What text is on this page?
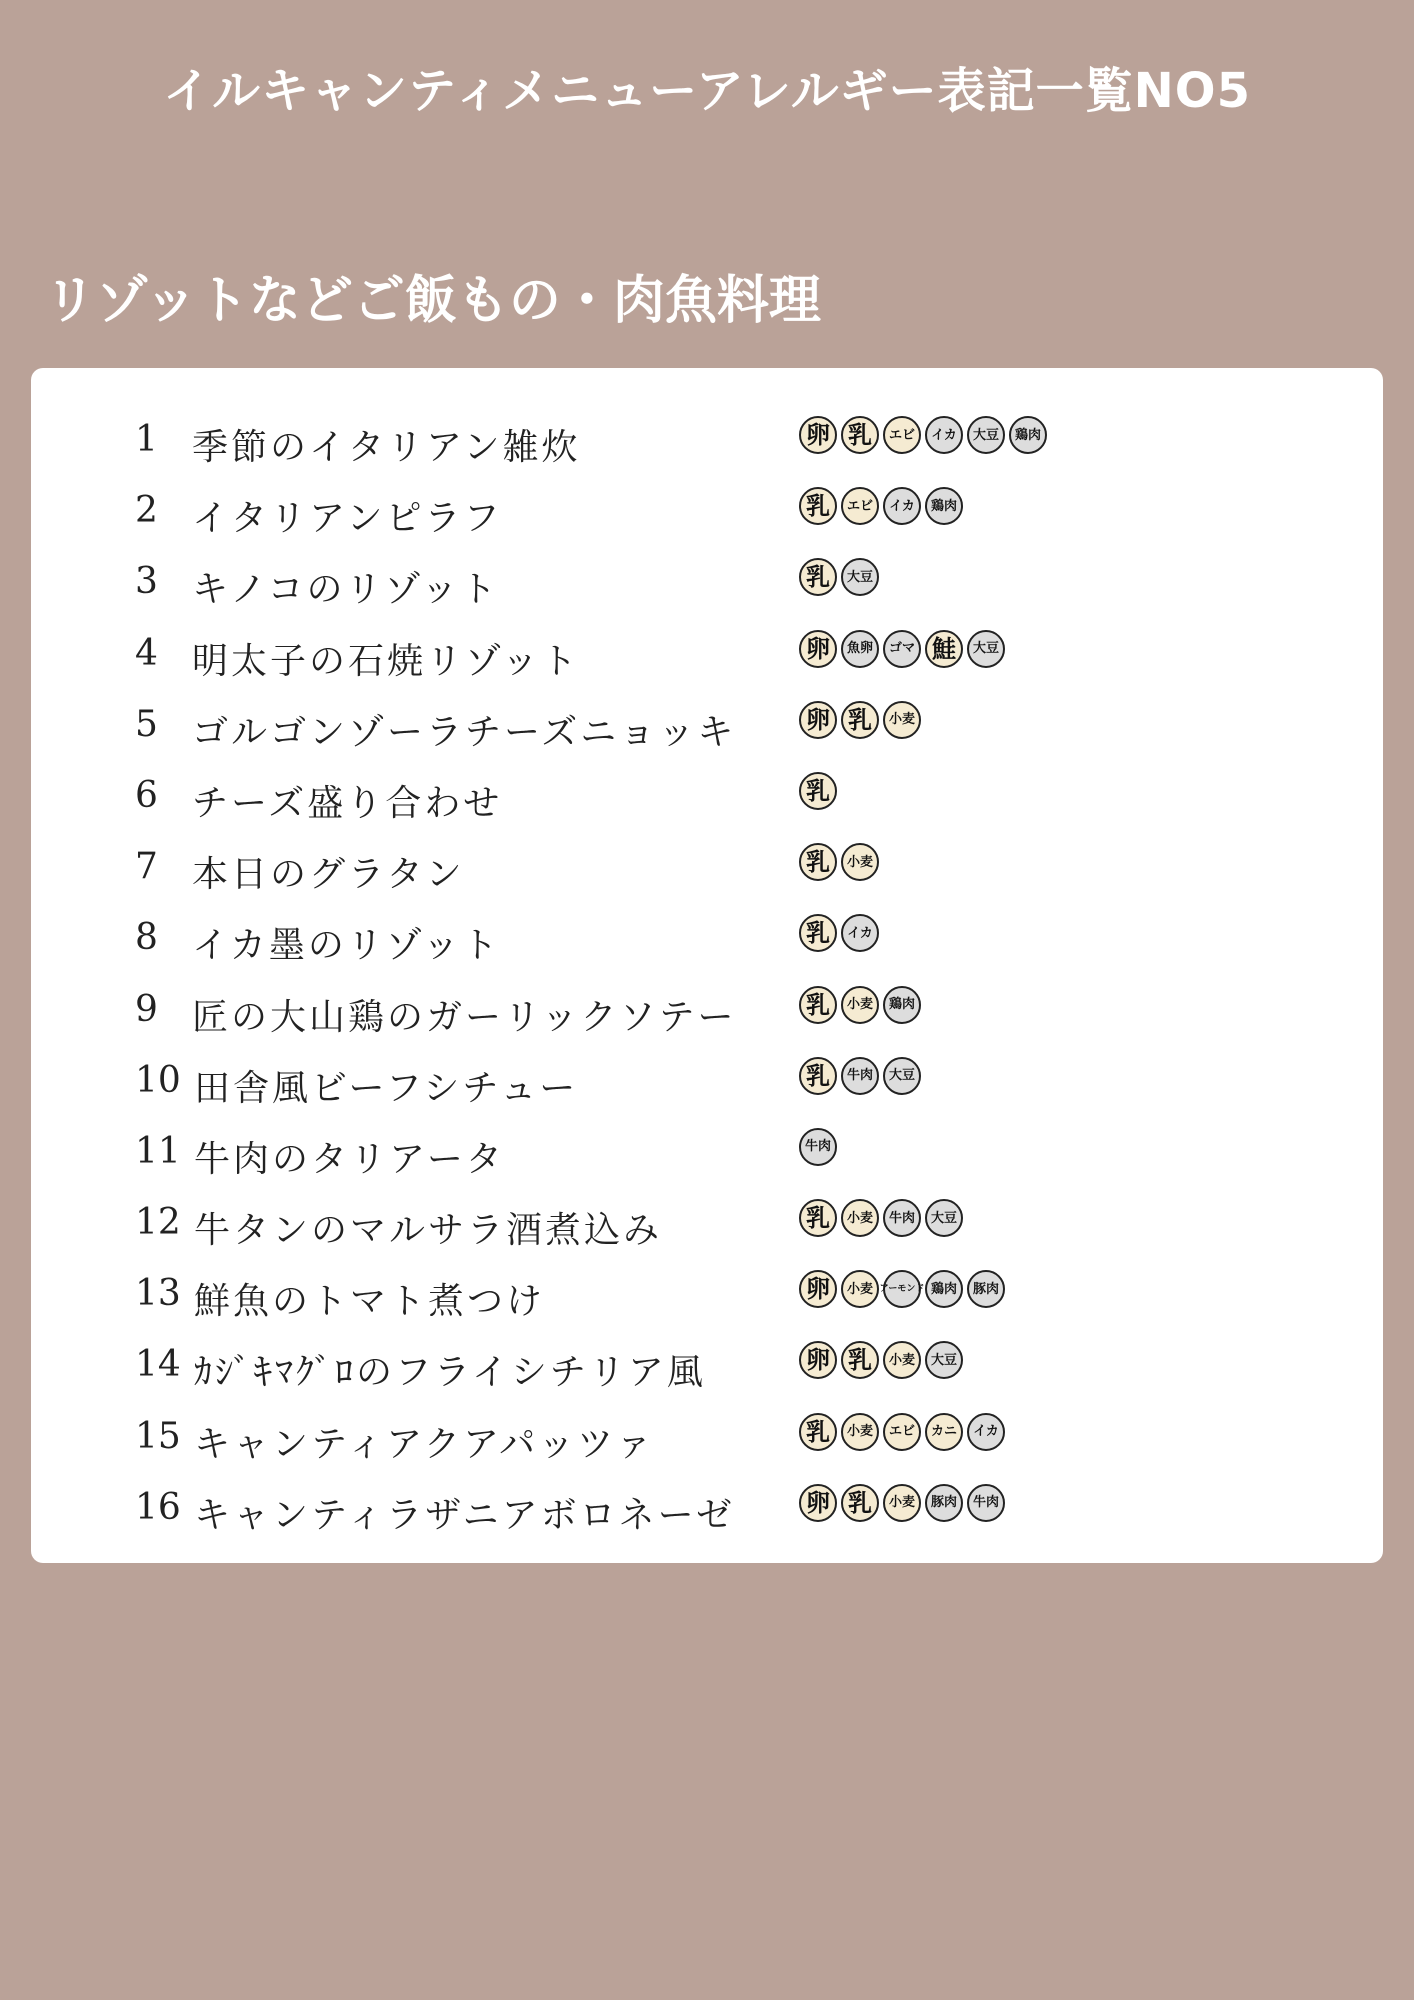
イルキャンティメニューアレルギー表記一覧NO5
リゾットなどご飯もの・肉魚料理
1 季節のイタリアン雑炊	卵 乳	エビ	イカ	大豆	鶏肉
2 イタリアンピラフ	乳	エビ	イカ	鶏肉
3 キノコのリゾット	乳	大豆
4 明太子の石焼リゾット	卵	魚卵	ゴマ 鮭	大豆
5 ゴルゴンゾーラチーズニョッキ	卵 乳	小麦
6 チーズ盛り合わせ	乳
7 本日のグラタン	乳	小麦
8 イカ墨のリゾット	乳	イカ
9 匠の大山鶏のガーリックソテー	乳	小麦	鶏肉
10 田舎風ビーフシチュー	乳	牛肉	大豆
11 牛肉のタリアータ	牛肉
12 牛タンのマルサラ酒煮込み	乳	小麦	牛肉	大豆
13 鮮魚のトマト煮つけ	卵	小麦 アーモンド 鶏肉	豚肉
14 ｶｼﾞｷﾏｸﾞﾛのフライシチリア風	卵 乳	小麦	大豆
15 キャンティアクアパッツァ	乳	小麦	エビ	カニ	イカ
16 キャンティラザニアボロネーゼ	卵 乳	小麦	豚肉	牛肉
